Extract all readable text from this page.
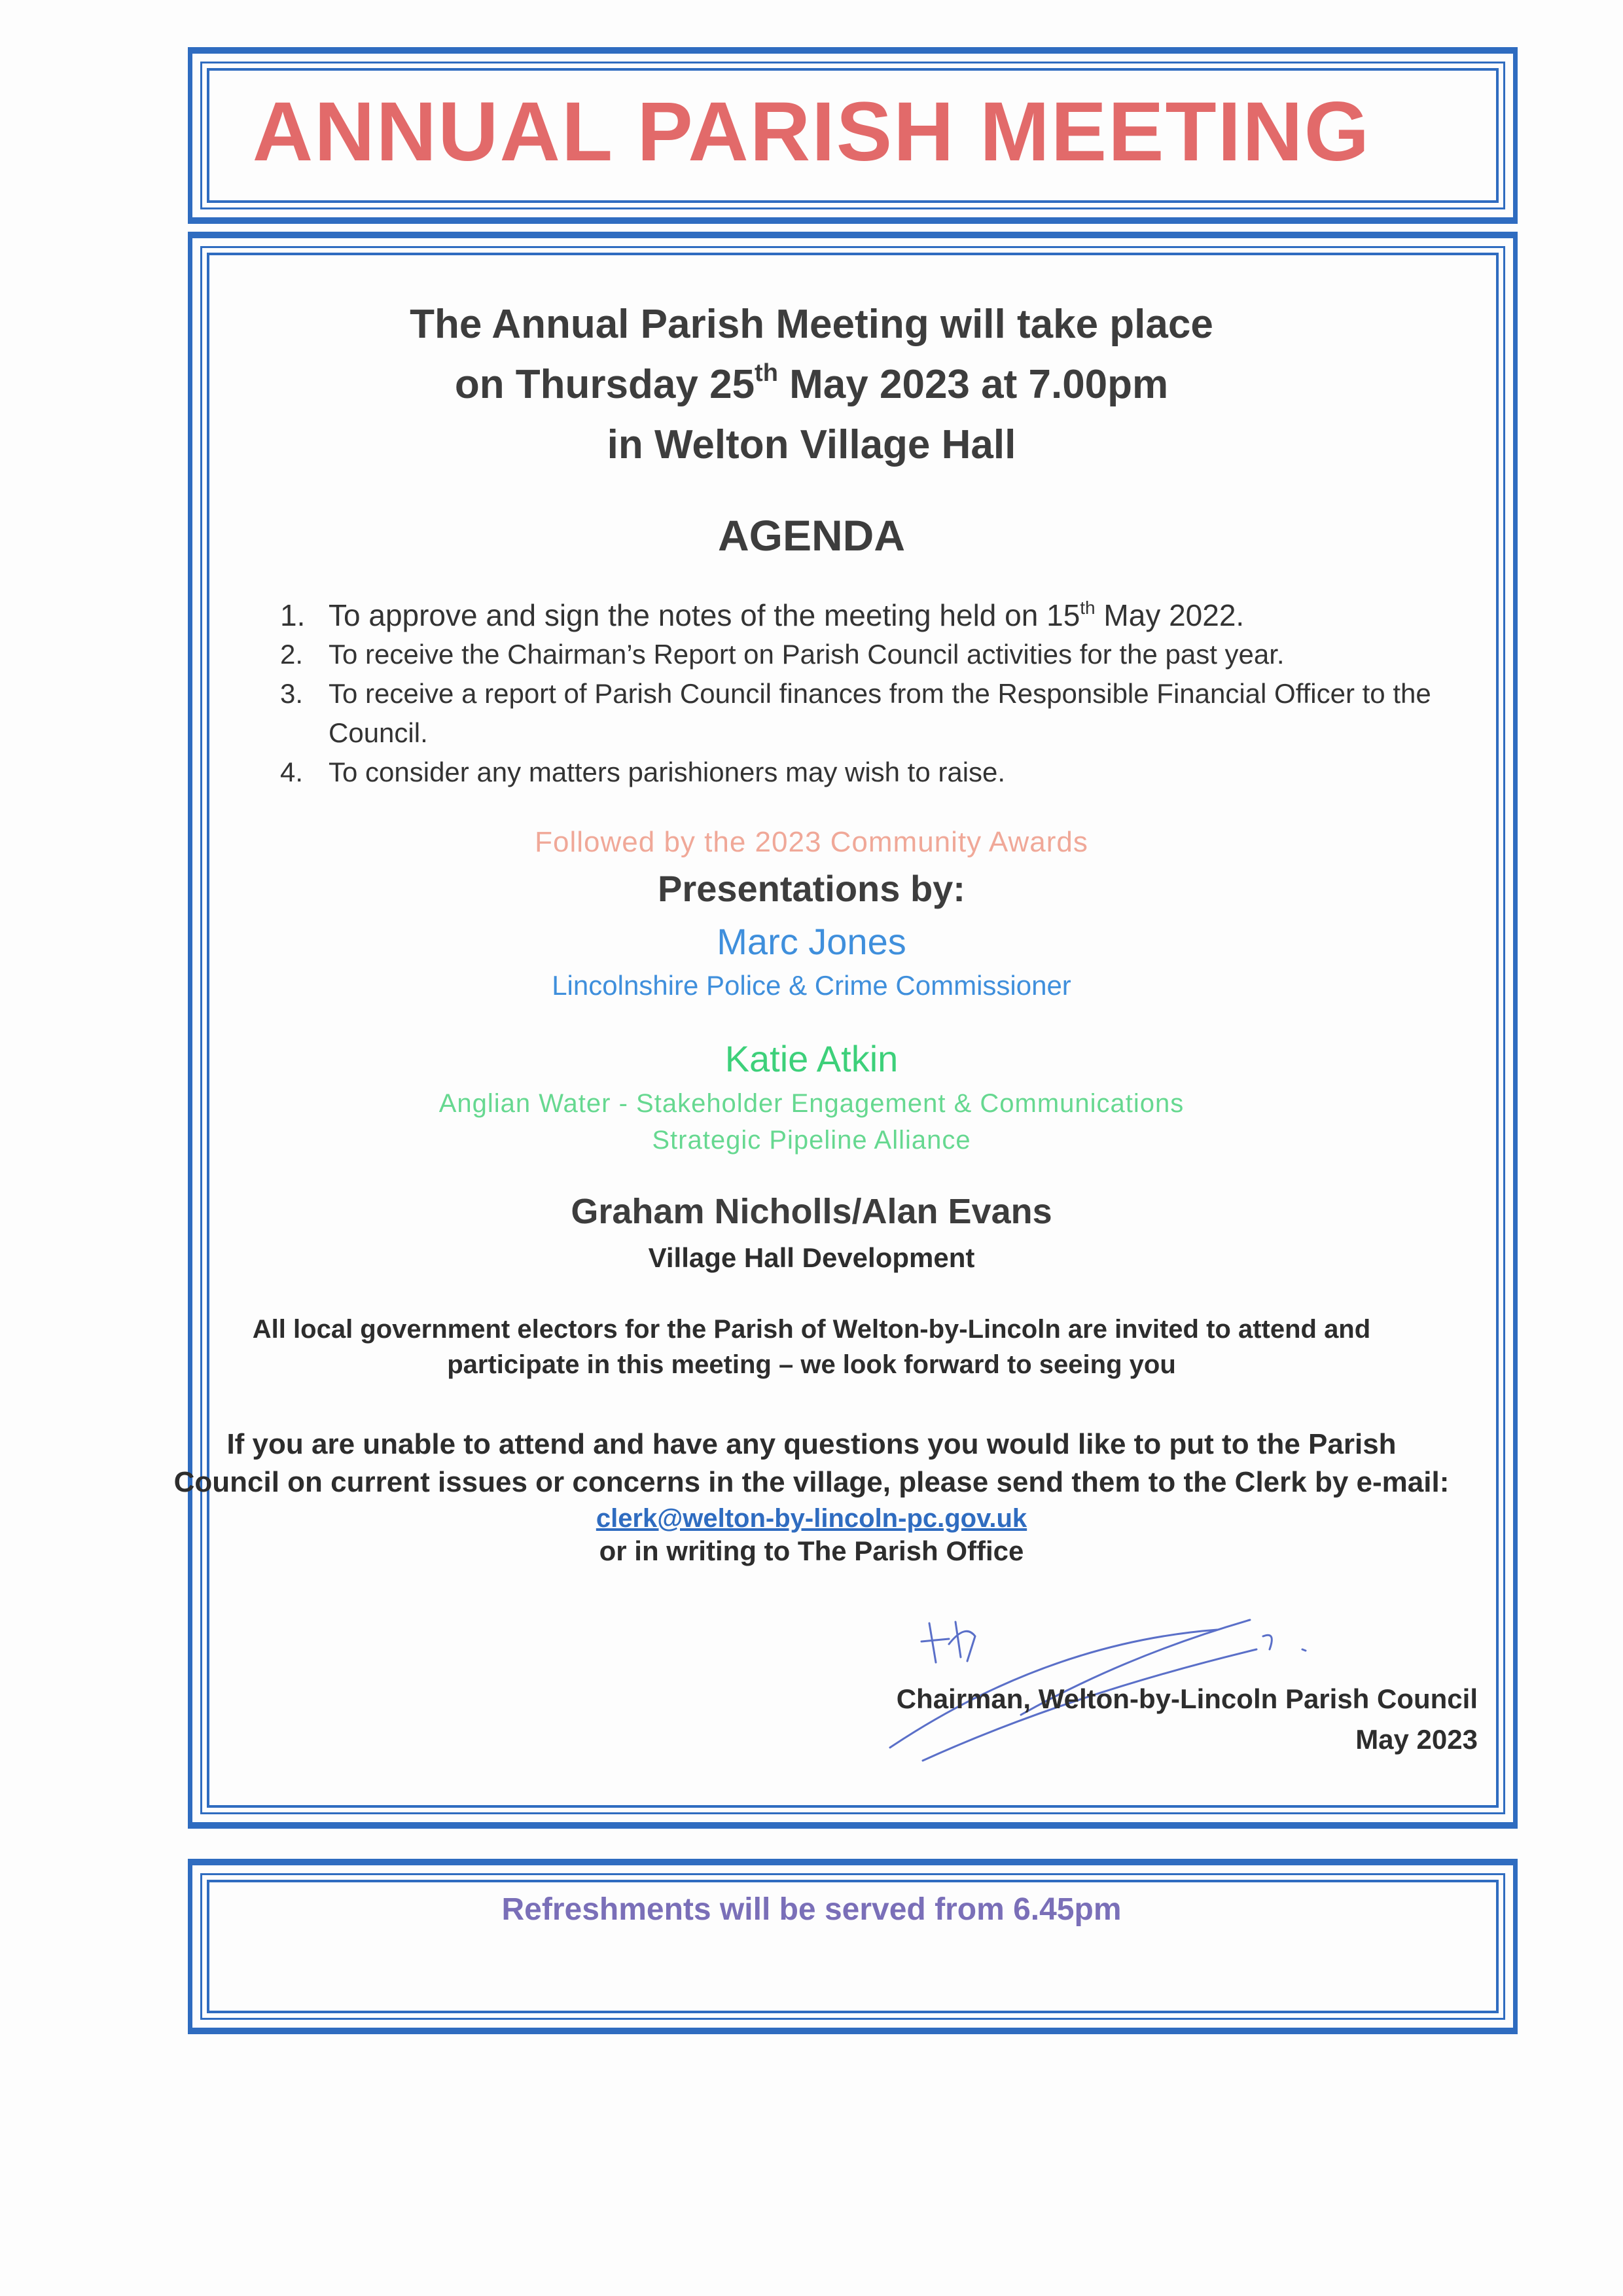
ANNUAL PARISH MEETING
The Annual Parish Meeting will take place
on Thursday 25th May 2023 at 7.00pm
in Welton Village Hall
AGENDA
1. To approve and sign the notes of the meeting held on 15th May 2022.
2. To receive the Chairman’s Report on Parish Council activities for the past year.
3. To receive a report of Parish Council finances from the Responsible Financial Officer to the Council.
4. To consider any matters parishioners may wish to raise.
Followed by the 2023 Community Awards
Presentations by:
Marc Jones
Lincolnshire Police & Crime Commissioner
Katie Atkin
Anglian Water - Stakeholder Engagement & Communications
Strategic Pipeline Alliance
Graham Nicholls/Alan Evans
Village Hall Development
All local government electors for the Parish of Welton-by-Lincoln are invited to attend and
participate in this meeting – we look forward to seeing you
If you are unable to attend and have any questions you would like to put to the Parish
Council on current issues or concerns in the village, please send them to the Clerk by e-mail:
clerk@welton-by-lincoln-pc.gov.uk
or in writing to The Parish Office
Chairman, Welton-by-Lincoln Parish Council
May 2023
Refreshments will be served from 6.45pm
